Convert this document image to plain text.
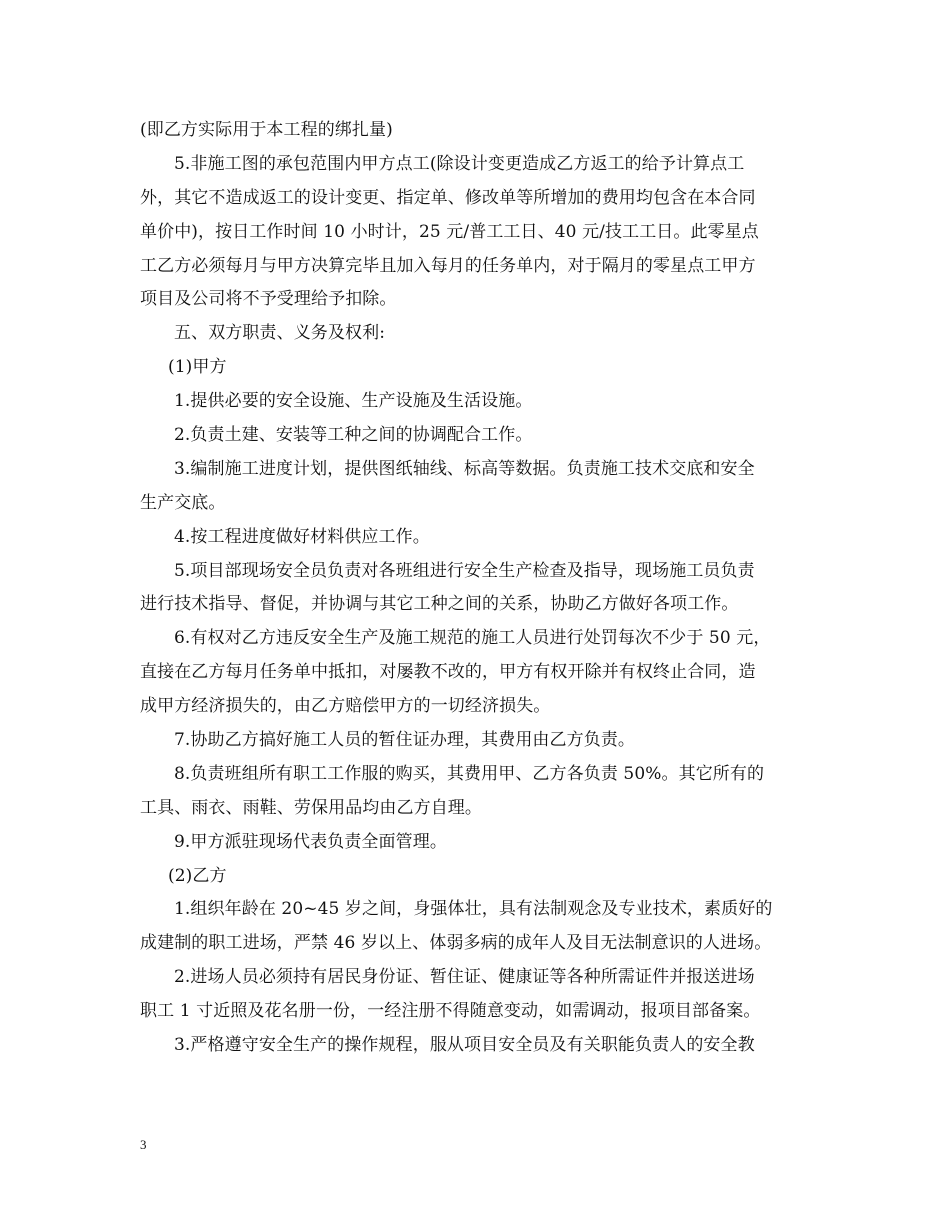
(即乙方实际用于本工程的绑扎量)
5.非施工图的承包范围内甲方点工(除设计变更造成乙方返工的给予计算点工
外，其它不造成返工的设计变更、指定单、修改单等所增加的费用均包含在本合同
单价中)，按日工作时间 10 小时计，25 元/普工工日、40 元/技工工日。此零星点
工乙方必须每月与甲方决算完毕且加入每月的任务单内，对于隔月的零星点工甲方
项目及公司将不予受理给予扣除。
五、双方职责、义务及权利:
(1)甲方
1.提供必要的安全设施、生产设施及生活设施。
2.负责土建、安装等工种之间的协调配合工作。
3.编制施工进度计划，提供图纸轴线、标高等数据。负责施工技术交底和安全
生产交底。
4.按工程进度做好材料供应工作。
5.项目部现场安全员负责对各班组进行安全生产检查及指导，现场施工员负责
进行技术指导、督促，并协调与其它工种之间的关系，协助乙方做好各项工作。
6.有权对乙方违反安全生产及施工规范的施工人员进行处罚每次不少于 50 元，
直接在乙方每月任务单中抵扣，对屡教不改的，甲方有权开除并有权终止合同，造
成甲方经济损失的，由乙方赔偿甲方的一切经济损失。
7.协助乙方搞好施工人员的暂住证办理，其费用由乙方负责。
8.负责班组所有职工工作服的购买，其费用甲、乙方各负责 50%。其它所有的
工具、雨衣、雨鞋、劳保用品均由乙方自理。
9.甲方派驻现场代表负责全面管理。
(2)乙方
1.组织年龄在 20~45 岁之间，身强体壮，具有法制观念及专业技术，素质好的
成建制的职工进场，严禁 46 岁以上、体弱多病的成年人及目无法制意识的人进场。
2.进场人员必须持有居民身份证、暂住证、健康证等各种所需证件并报送进场
职工 1 寸近照及花名册一份，一经注册不得随意变动，如需调动，报项目部备案。
3.严格遵守安全生产的操作规程，服从项目安全员及有关职能负责人的安全教
3
